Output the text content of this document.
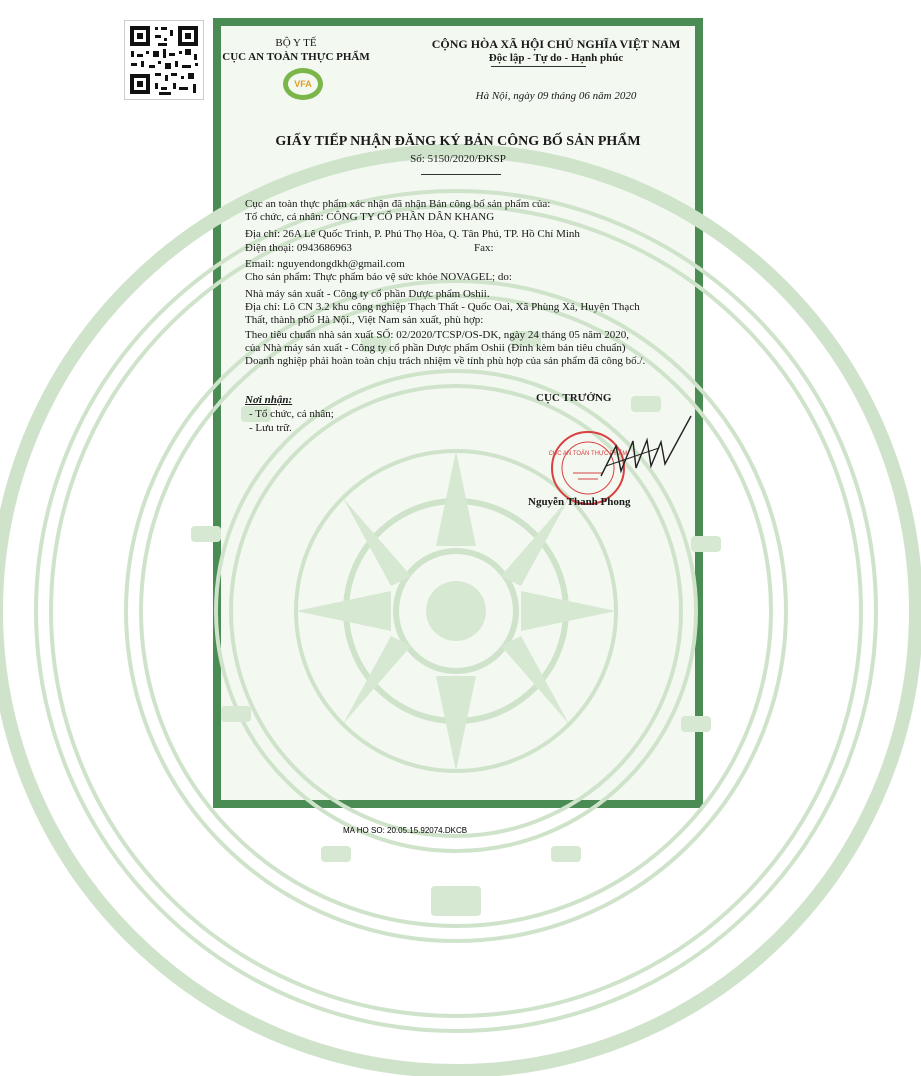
BỘ Y TẾ
CỤC AN TOÀN THỰC PHẨM
VFA
CỘNG HÒA XÃ HỘI CHỦ NGHĨA VIỆT NAM
Độc lập - Tự do - Hạnh phúc
Hà Nội, ngày 09 tháng 06 năm 2020
GIẤY TIẾP NHẬN ĐĂNG KÝ BẢN CÔNG BỐ SẢN PHẨM
Số: 5150/2020/ĐKSP
Cục an toàn thực phẩm xác nhận đã nhận Bản công bố sản phẩm của:
Tổ chức, cá nhân: CÔNG TY CỔ PHẦN DÂN KHANG
Địa chỉ: 26A Lê Quốc Trinh, P. Phú Thọ Hòa, Q. Tân Phú, TP. Hồ Chí Minh
Điện thoại: 0943686963	Fax:
Email: nguyendongdkh@gmail.com
Cho sản phẩm: Thực phẩm bảo vệ sức khỏe NOVAGEL; do:
Nhà máy sản xuất - Công ty cổ phần Dược phẩm Oshii.
Địa chỉ: Lô CN 3.2 khu công nghiệp Thạch Thất - Quốc Oai, Xã Phùng Xá, Huyện Thạch
Thất, thành phố Hà Nội., Việt Nam sản xuất, phù hợp:
Theo tiêu chuẩn nhà sản xuất SỐ: 02/2020/TCSP/OS-DK, ngày 24 tháng 05 năm 2020,
của Nhà máy sản xuất - Công ty cổ phần Dược phẩm Oshii (Đính kèm bản tiêu chuẩn)
Doanh nghiệp phải hoàn toàn chịu trách nhiệm về tính phù hợp của sản phẩm đã công bố./.
Nơi nhận:
- Tổ chức, cá nhân;
- Lưu trữ.
CỤC TRƯỞNG
CỤC AN TOÀN THỰC PHẨM
Nguyễn Thanh Phong
MA HO SO: 20.05.15.92074.DKCB
